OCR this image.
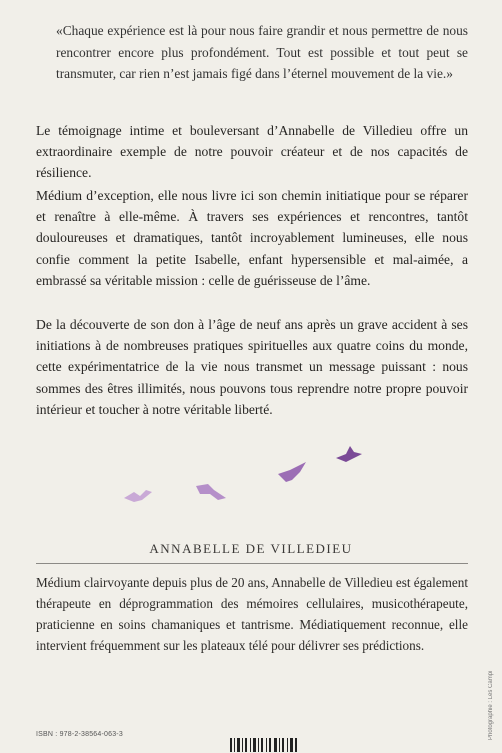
«Chaque expérience est là pour nous faire grandir et nous permettre de nous rencontrer encore plus profondément. Tout est possible et tout peut se transmuter, car rien n’est jamais figé dans l’éternel mouvement de la vie.»

Le témoignage intime et bouleversant d’Annabelle de Villedieu offre un extraordinaire exemple de notre pouvoir créateur et de nos capacités de résilience.

Médium d’exception, elle nous livre ici son chemin initiatique pour se réparer et renaître à elle-même. À travers ses expériences et rencontres, tantôt douloureuses et dramatiques, tantôt incroyablement lumineuses, elle nous confie comment la petite Isabelle, enfant hypersensible et mal-aimée, a embrassé sa véritable mission : celle de guérisseuse de l’âme.

De la découverte de son don à l’âge de neuf ans après un grave accident à ses initiations à de nombreuses pratiques spirituelles aux quatre coins du monde, cette expérimentatrice de la vie nous transmet un message puissant : nous sommes des êtres illimités, nous pouvons tous reprendre notre propre pouvoir intérieur et toucher à notre véritable liberté.

ANNABELLE DE VILLEDIEU

Médium clairvoyante depuis plus de 20 ans, Annabelle de Villedieu est également thérapeute en déprogrammation des mémoires cellulaires, musicothérapeute, praticienne en soins chamaniques et tantrisme. Médiatiquement reconnue, elle intervient fréquemment sur les plateaux télé pour délivrer ses prédictions.

ISBN : 978-2-38564-063-3	Photographie : Les Campi
